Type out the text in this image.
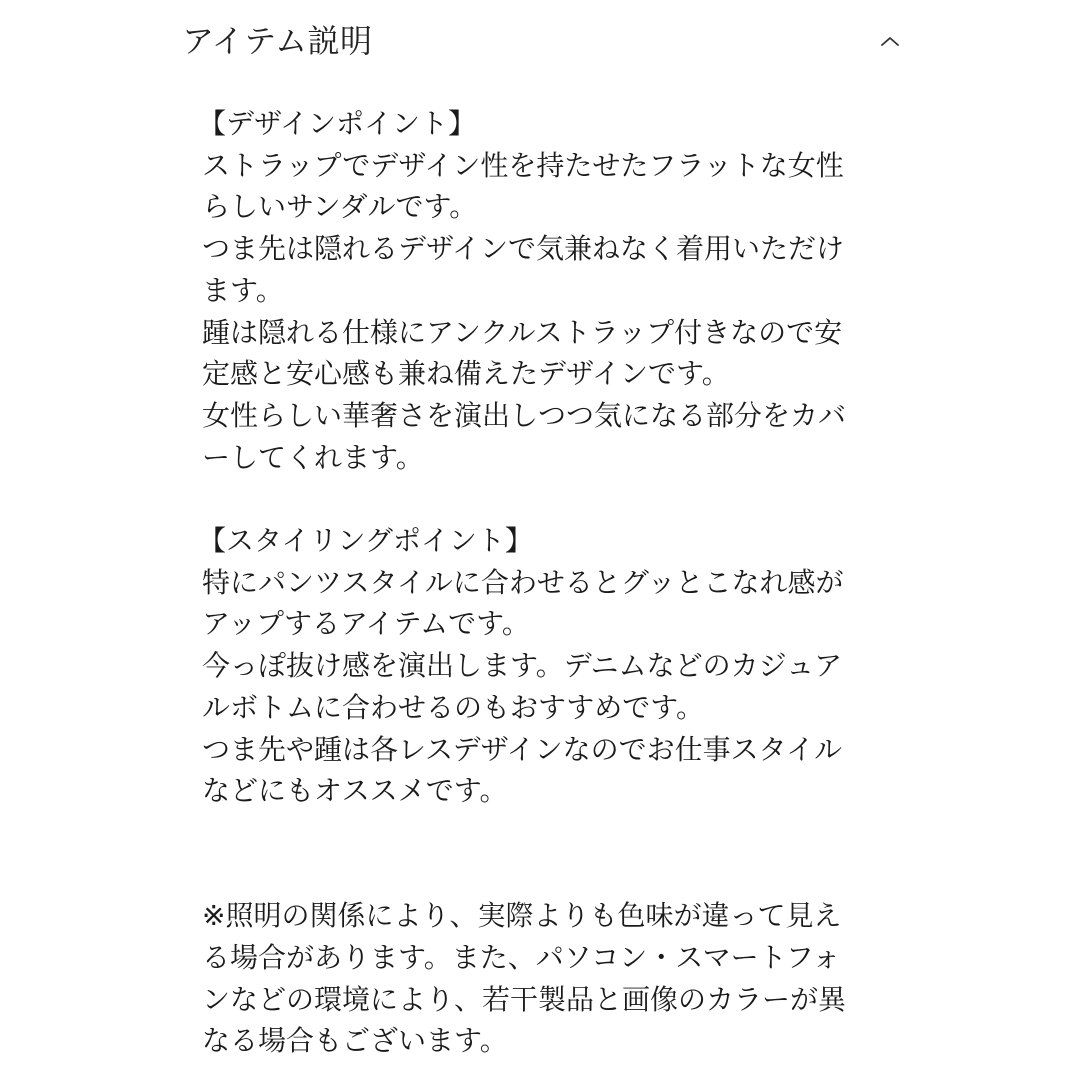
アイテム説明

【デザインポイント】

ストラップでデザイン性を持たせたフラットな女性

らしいサンダルです。

つま先は隠れるデザインで気兼ねなく着用いただけ

ます。

踵は隠れる仕様にアンクルストラップ付きなので安

定感と安心感も兼ね備えたデザインです。

女性らしい華奢さを演出しつつ気になる部分をカバ

ーしてくれます。

【スタイリングポイント】

特にパンツスタイルに合わせるとグッとこなれ感が

アップするアイテムです。

今っぽ抜け感を演出します。デニムなどのカジュア

ルボトムに合わせるのもおすすめです。

つま先や踵は各レスデザインなのでお仕事スタイル

などにもオススメです。

※照明の関係により、実際よりも色味が違って見え

る場合があります。また、パソコン・スマートフォ

ンなどの環境により、若干製品と画像のカラーが異

なる場合もございます。
